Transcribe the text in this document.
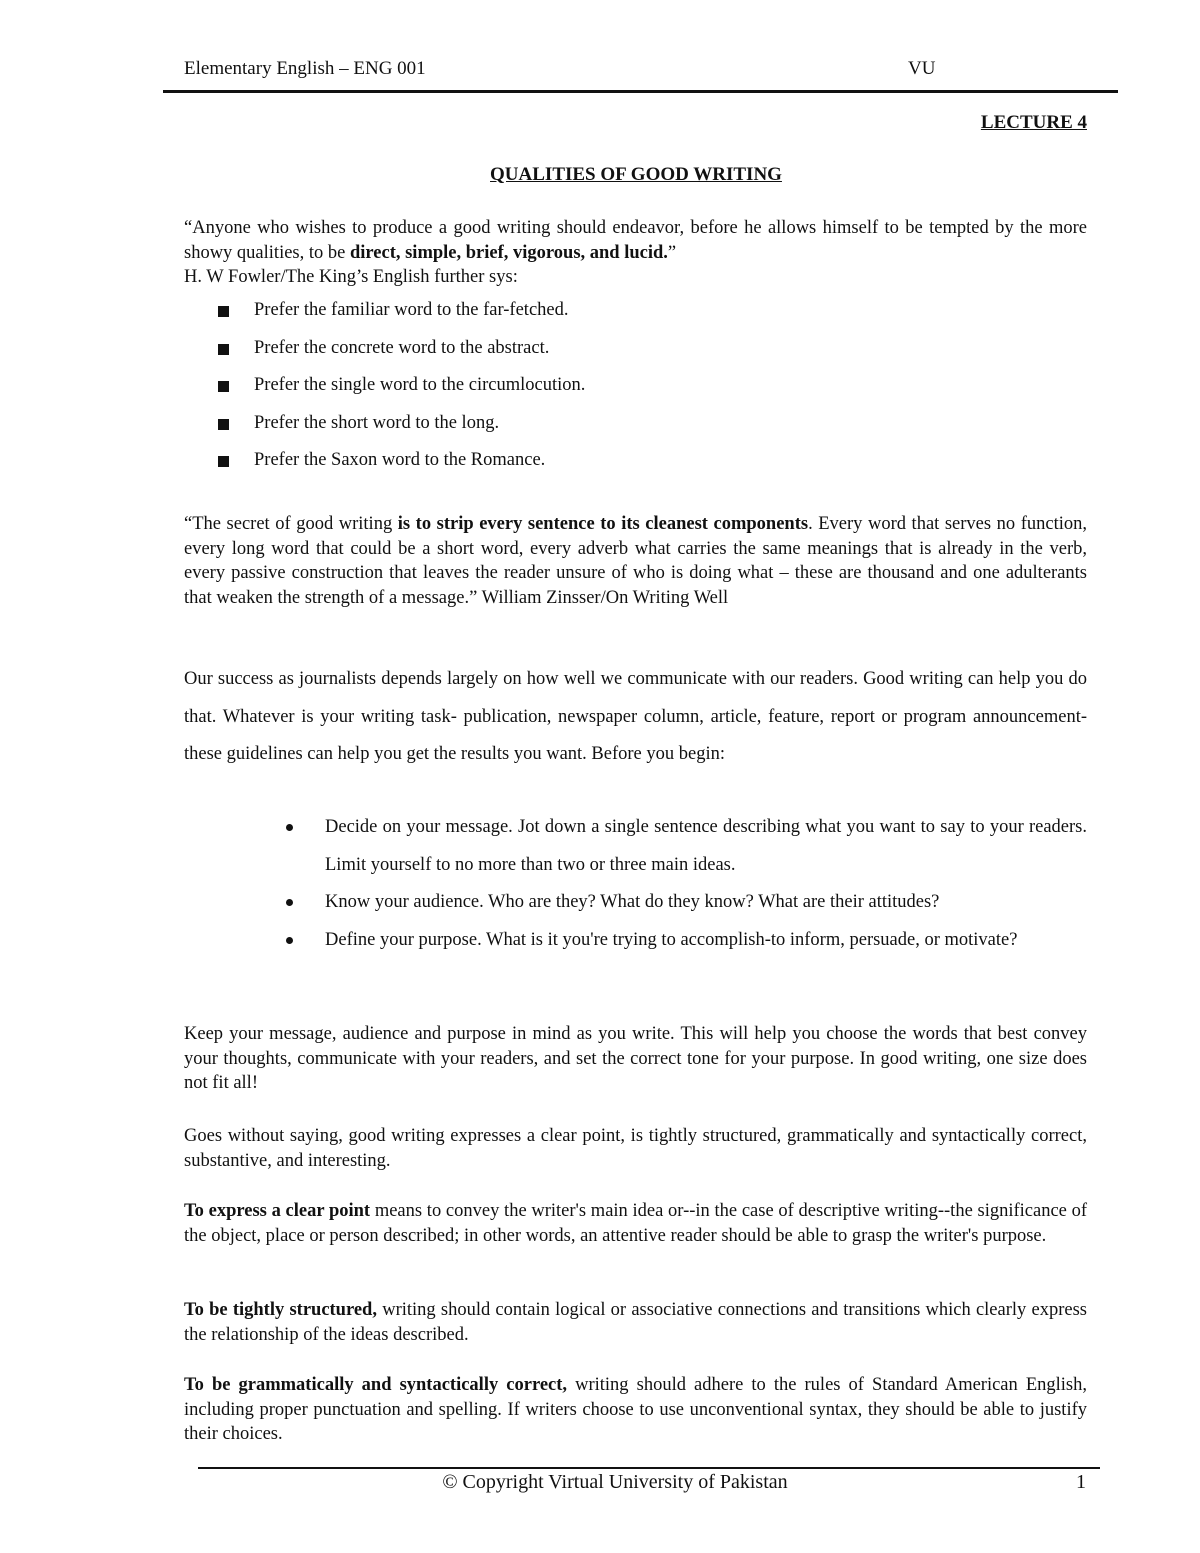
Elementary English – ENG 001	VU
LECTURE 4
QUALITIES OF GOOD WRITING
“Anyone who wishes to produce a good writing should endeavor, before he allows himself to be tempted by the more showy qualities, to be direct, simple, brief, vigorous, and lucid.”
H. W Fowler/The King’s English further sys:
Prefer the familiar word to the far-fetched.
Prefer the concrete word to the abstract.
Prefer the single word to the circumlocution.
Prefer the short word to the long.
Prefer the Saxon word to the Romance.
“The secret of good writing is to strip every sentence to its cleanest components. Every word that serves no function, every long word that could be a short word, every adverb what carries the same meanings that is already in the verb, every passive construction that leaves the reader unsure of who is doing what – these are thousand and one adulterants that weaken the strength of a message.” William Zinsser/On Writing Well
Our success as journalists depends largely on how well we communicate with our readers. Good writing can help you do that. Whatever is your writing task- publication, newspaper column, article, feature, report or program announcement- these guidelines can help you get the results you want. Before you begin:
Decide on your message. Jot down a single sentence describing what you want to say to your readers. Limit yourself to no more than two or three main ideas.
Know your audience. Who are they? What do they know? What are their attitudes?
Define your purpose. What is it you're trying to accomplish-to inform, persuade, or motivate?
Keep your message, audience and purpose in mind as you write. This will help you choose the words that best convey your thoughts, communicate with your readers, and set the correct tone for your purpose. In good writing, one size does not fit all!
Goes without saying, good writing expresses a clear point, is tightly structured, grammatically and syntactically correct, substantive, and interesting.
To express a clear point means to convey the writer's main idea or--in the case of descriptive writing--the significance of the object, place or person described; in other words, an attentive reader should be able to grasp the writer's purpose.
To be tightly structured, writing should contain logical or associative connections and transitions which clearly express the relationship of the ideas described.
To be grammatically and syntactically correct, writing should adhere to the rules of Standard American English, including proper punctuation and spelling. If writers choose to use unconventional syntax, they should be able to justify their choices.
© Copyright Virtual University of Pakistan	1
